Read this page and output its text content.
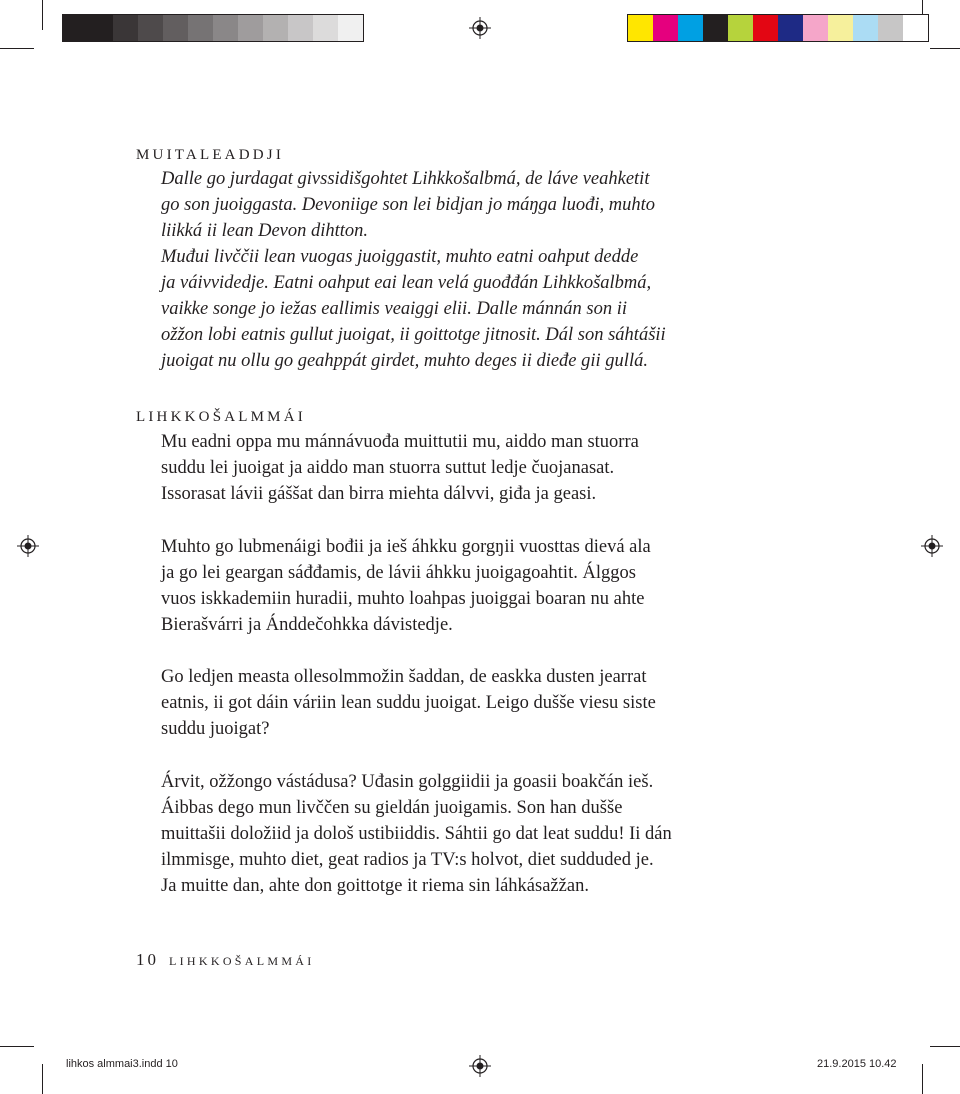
MUITALEADDJI
Dalle go jurdagat givssidišgohtet Lihkkošalbmá, de láve veahketit
go son juoiggasta. Devoniige son lei bidjan jo máŋga luođi, muhto
liikká ii lean Devon dihtton.
Muđui livččii lean vuogas juoiggastit, muhto eatni oahput dedde
ja váivvidedje. Eatni oahput eai lean velá guođđán Lihkkošalbmá,
vaikke songe jo iežas eallimis veaiggi elii. Dalle mánnán son ii
ožžon lobi eatnis gullut juoigat, ii goittotge jitnosit. Dál son sáhtášii
juoigat nu ollu go geahppát girdet, muhto deges ii dieđe gii gullá.
LIHKKOŠALMMÁI
Mu eadni oppa mu mánnávuođa muittutii mu, aiddo man stuorra
suddu lei juoigat ja aiddo man stuorra suttut ledje čuojanasat.
Issorasat lávii gáššat dan birra miehta dálvvi, giđa ja geasi.
Muhto go lubmenáigi bođii ja ieš áhkku gorgŋii vuosttas dievá ala
ja go lei geargan sáđđamis, de lávii áhkku juoigagoahtit. Álggos
vuos iskkademiin huradii, muhto loahpas juoiggai boaran nu ahte
Bierašvárri ja Ánddečohkka dávistedje.
Go ledjen measta ollesolmmožin šaddan, de easkka dusten jearrat
eatnis, ii got dáin váriin lean suddu juoigat. Leigo dušše viesu siste
suddu juoigat?
Árvit, ožžongo vástádusa? Uđasin golggiidii ja goasii boakčán ieš.
Áibbas dego mun livččen su gieldán juoigamis. Son han dušše
muittašii doložiid ja dološ ustibiiddis. Sáhtii go dat leat suddu! Ii dán
ilmmisge, muhto diet, geat radios ja TV:s holvot, diet sudduded je.
Ja muitte dan, ahte don goittotge it riema sin láhkásažžan.
10 LIHKKOŠALMMÁI
lihkos almmai3.indd 10	21.9.2015 10.42
